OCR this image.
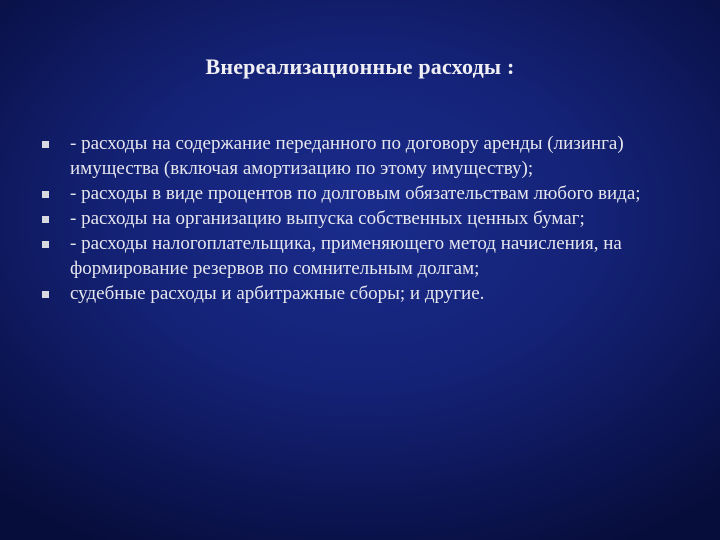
Внереализационные расходы :
- расходы на содержание переданного по договору аренды (лизинга) имущества (включая амортизацию по этому имуществу);
- расходы в виде процентов по долговым обязательствам любого вида;
- расходы на организацию выпуска собственных ценных бумаг;
- расходы налогоплательщика, применяющего метод начисления, на формирование резервов по сомнительным долгам;
судебные расходы и арбитражные сборы; и другие.
